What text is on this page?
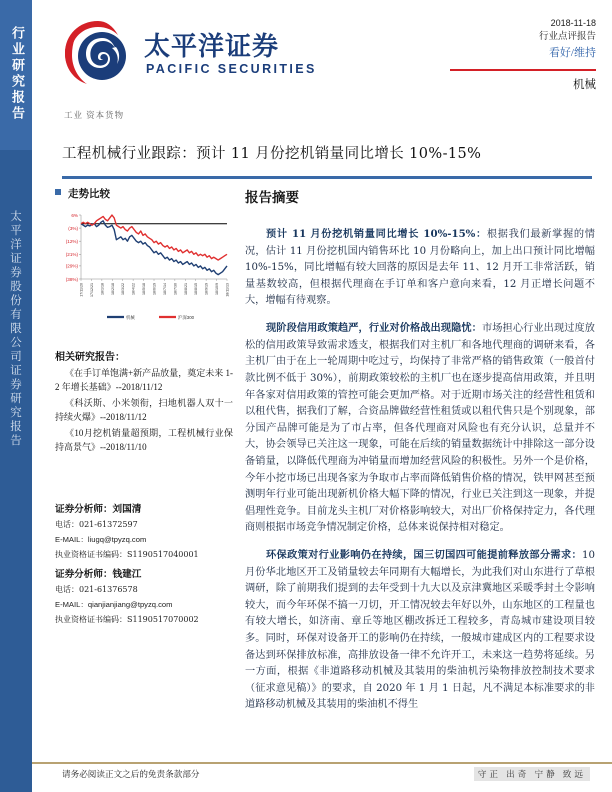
行业研究报告
太平洋证券股份有限公司证券研究报告
太平洋证券
PACIFIC SECURITIES
工业 资本货物
2018-11-18
行业点评报告
看好/维持
机械
工程机械行业跟踪：预计 11 月份挖机销量同比增长 10%-15%
走势比较
6%
(3%)
(12%)
(21%)
(29%)
(38%)
17/11/20 17/12/21 18/1/18 18/2/18 18/3/22 18/4/22 18/5/18 18/6/19 18/7/14 18/7/30 18/8/21 18/8/15 18/9/19 18/10/9 18/11/13
机械	沪深300
相关研究报告：
《在手订单饱满+新产品放量，奠定未来 1-2 年增长基础》--2018/11/12
《科沃斯、小米领衔，扫地机器人双十一持续火爆》--2018/11/12
《10月挖机销量超预期，工程机械行业保持高景气》--2018/11/10
证券分析师：刘国清
电话：021-61372597
E-MAIL：liugq@tpyzq.com
执业资格证书编码：S1190517040001
证券分析师：钱建江
电话：021-61376578
E-MAIL：qianjianjiang@tpyzq.com
执业资格证书编码：S1190517070002
报告摘要

预计 11 月份挖机销量同比增长 10%-15%：根据我们最新掌握的情况，估计 11 月份挖机国内销售环比 10 月份略向上，加上出口预计同比增幅 10%-15%，同比增幅有较大回落的原因是去年 11、12 月开工非常活跃，销量基数较高，但根据代理商在手订单和客户意向来看，12 月正增长问题不大，增幅有待观察。

现阶段信用政策趋严，行业对价格战出现隐忧：市场担心行业出现过度放松的信用政策导致需求透支，根据我们对主机厂和各地代理商的调研来看，各主机厂由于在上一轮周期中吃过亏，均保持了非常严格的销售政策（一般首付款比例不低于 30%），前期政策较松的主机厂也在逐步提高信用政策，并且明年各家对信用政策的管控可能会更加严格。对于近期市场关注的经营性租赁和以租代售，据我们了解，合资品牌做经营性租赁或以租代售只是个别现象，部分国产品牌可能是为了市占率，但各代理商对风险也有充分认识，总量并不大，协会领导已关注这一现象，可能在后续的销量数据统计中排除这一部分设备销量，以降低代理商为冲销量而增加经营风险的积极性。另外一个是价格，今年小挖市场已出现各家为争取市占率而降低销售价格的情况，铁甲网甚至预测明年行业可能出现新机价格大幅下降的情况，行业已关注到这一现象，并提倡理性竞争。目前龙头主机厂对价格影响较大，对出厂价格保持定力，各代理商则根据市场竞争情况制定价格，总体来说保持相对稳定。

环保政策对行业影响仍在持续，国三切国四可能提前释放部分需求：10 月份华北地区开工及销量较去年同期有大幅增长，为此我们对山东进行了草根调研，除了前期我们提到的去年受到十九大以及京津冀地区采暖季封土令影响较大，而今年环保不搞一刀切，开工情况较去年好以外，山东地区的工程量也有较大增长，如济南、章丘等地区棚改拆迁工程较多，青岛城市建设项目较多。同时，环保对设备开工的影响仍在持续，一般城市建成区内的工程要求设备达到环保排放标准，高排放设备一律不允许开工，未来这一趋势将延续。另一方面，根据《非道路移动机械及其装用的柴油机污染物排放控制技术要求（征求意见稿）》的要求，自 2020 年 1 月 1 日起，凡不满足本标准要求的非道路移动机械及其装用的柴油机不得生

请务必阅读正文之后的免责条款部分	守正 出奇 宁静 致远
